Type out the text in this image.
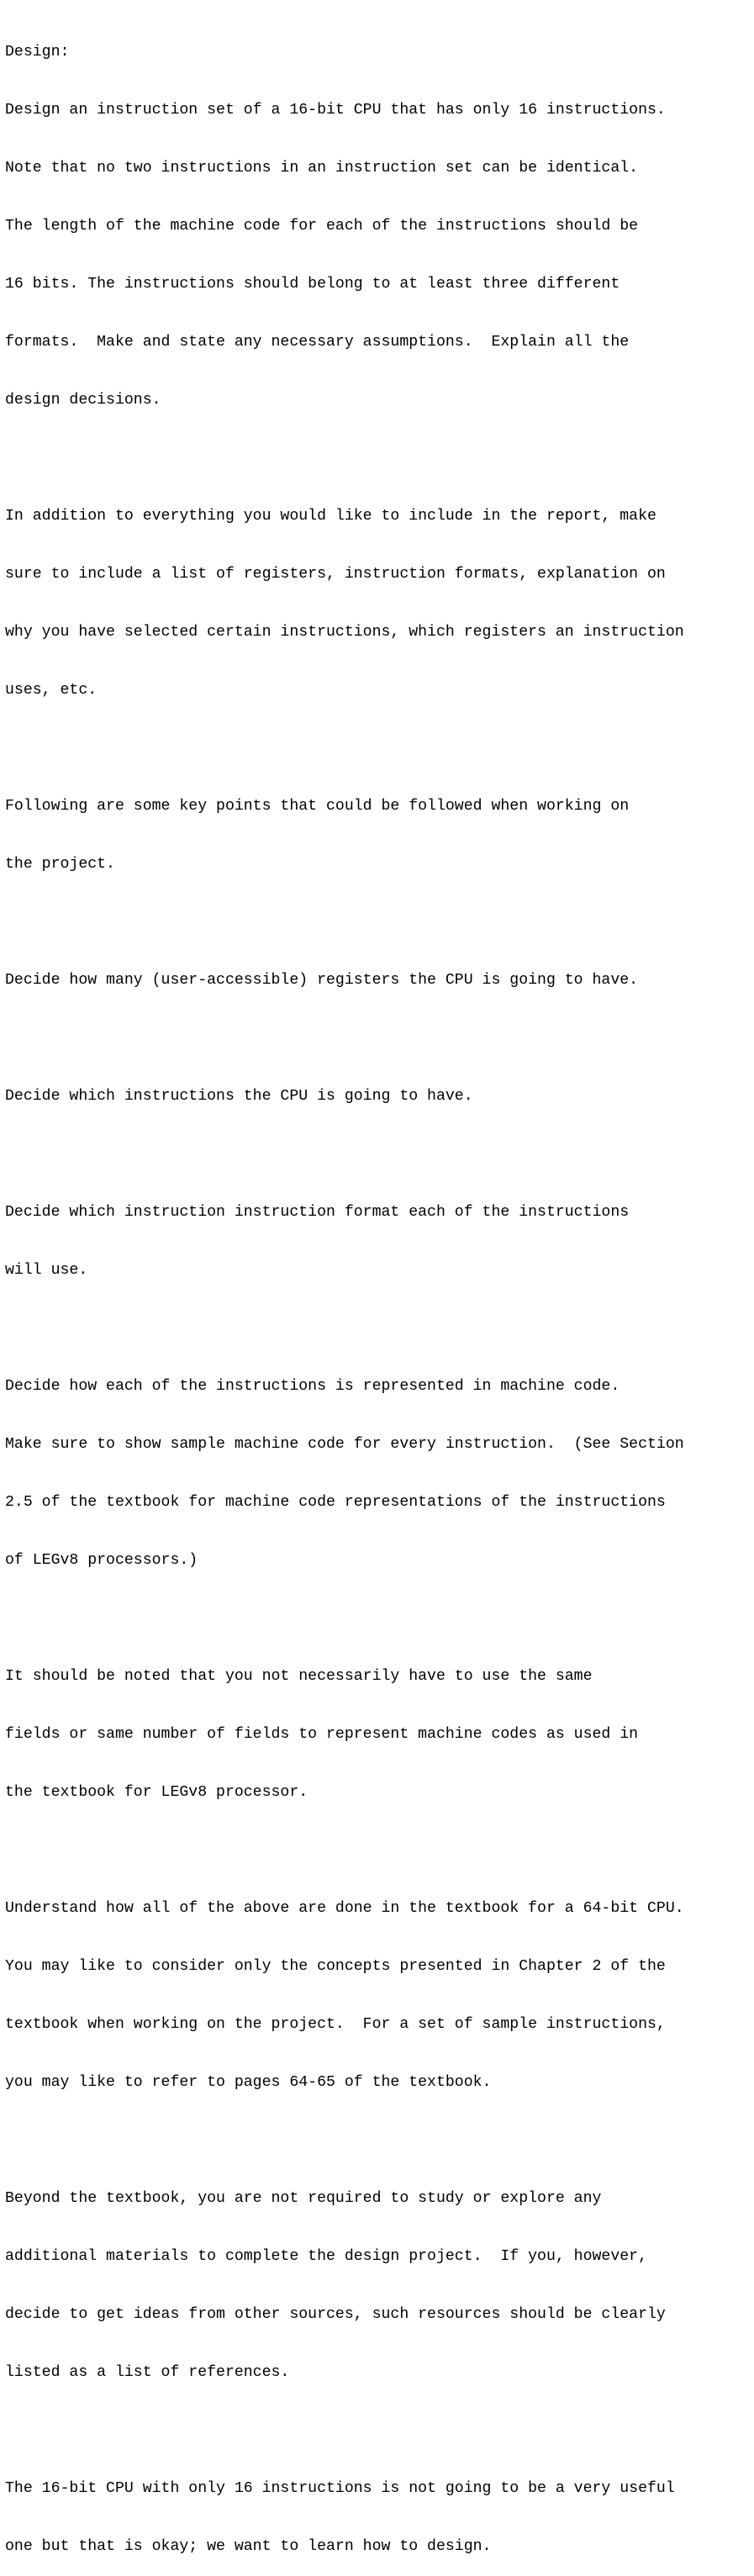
Design:

Design an instruction set of a 16-bit CPU that has only 16 instructions.

Note that no two instructions in an instruction set can be identical.

The length of the machine code for each of the instructions should be

16 bits. The instructions should belong to at least three different

formats.  Make and state any necessary assumptions.  Explain all the

design decisions.

In addition to everything you would like to include in the report, make

sure to include a list of registers, instruction formats, explanation on

why you have selected certain instructions, which registers an instruction

uses, etc.

Following are some key points that could be followed when working on

the project.

Decide how many (user-accessible) registers the CPU is going to have.

Decide which instructions the CPU is going to have.

Decide which instruction instruction format each of the instructions

will use.

Decide how each of the instructions is represented in machine code.

Make sure to show sample machine code for every instruction.  (See Section

2.5 of the textbook for machine code representations of the instructions

of LEGv8 processors.)

It should be noted that you not necessarily have to use the same

fields or same number of fields to represent machine codes as used in

the textbook for LEGv8 processor.

Understand how all of the above are done in the textbook for a 64-bit CPU.

You may like to consider only the concepts presented in Chapter 2 of the

textbook when working on the project.  For a set of sample instructions,

you may like to refer to pages 64-65 of the textbook.

Beyond the textbook, you are not required to study or explore any

additional materials to complete the design project.  If you, however,

decide to get ideas from other sources, such resources should be clearly

listed as a list of references.

The 16-bit CPU with only 16 instructions is not going to be a very useful

one but that is okay; we want to learn how to design.
